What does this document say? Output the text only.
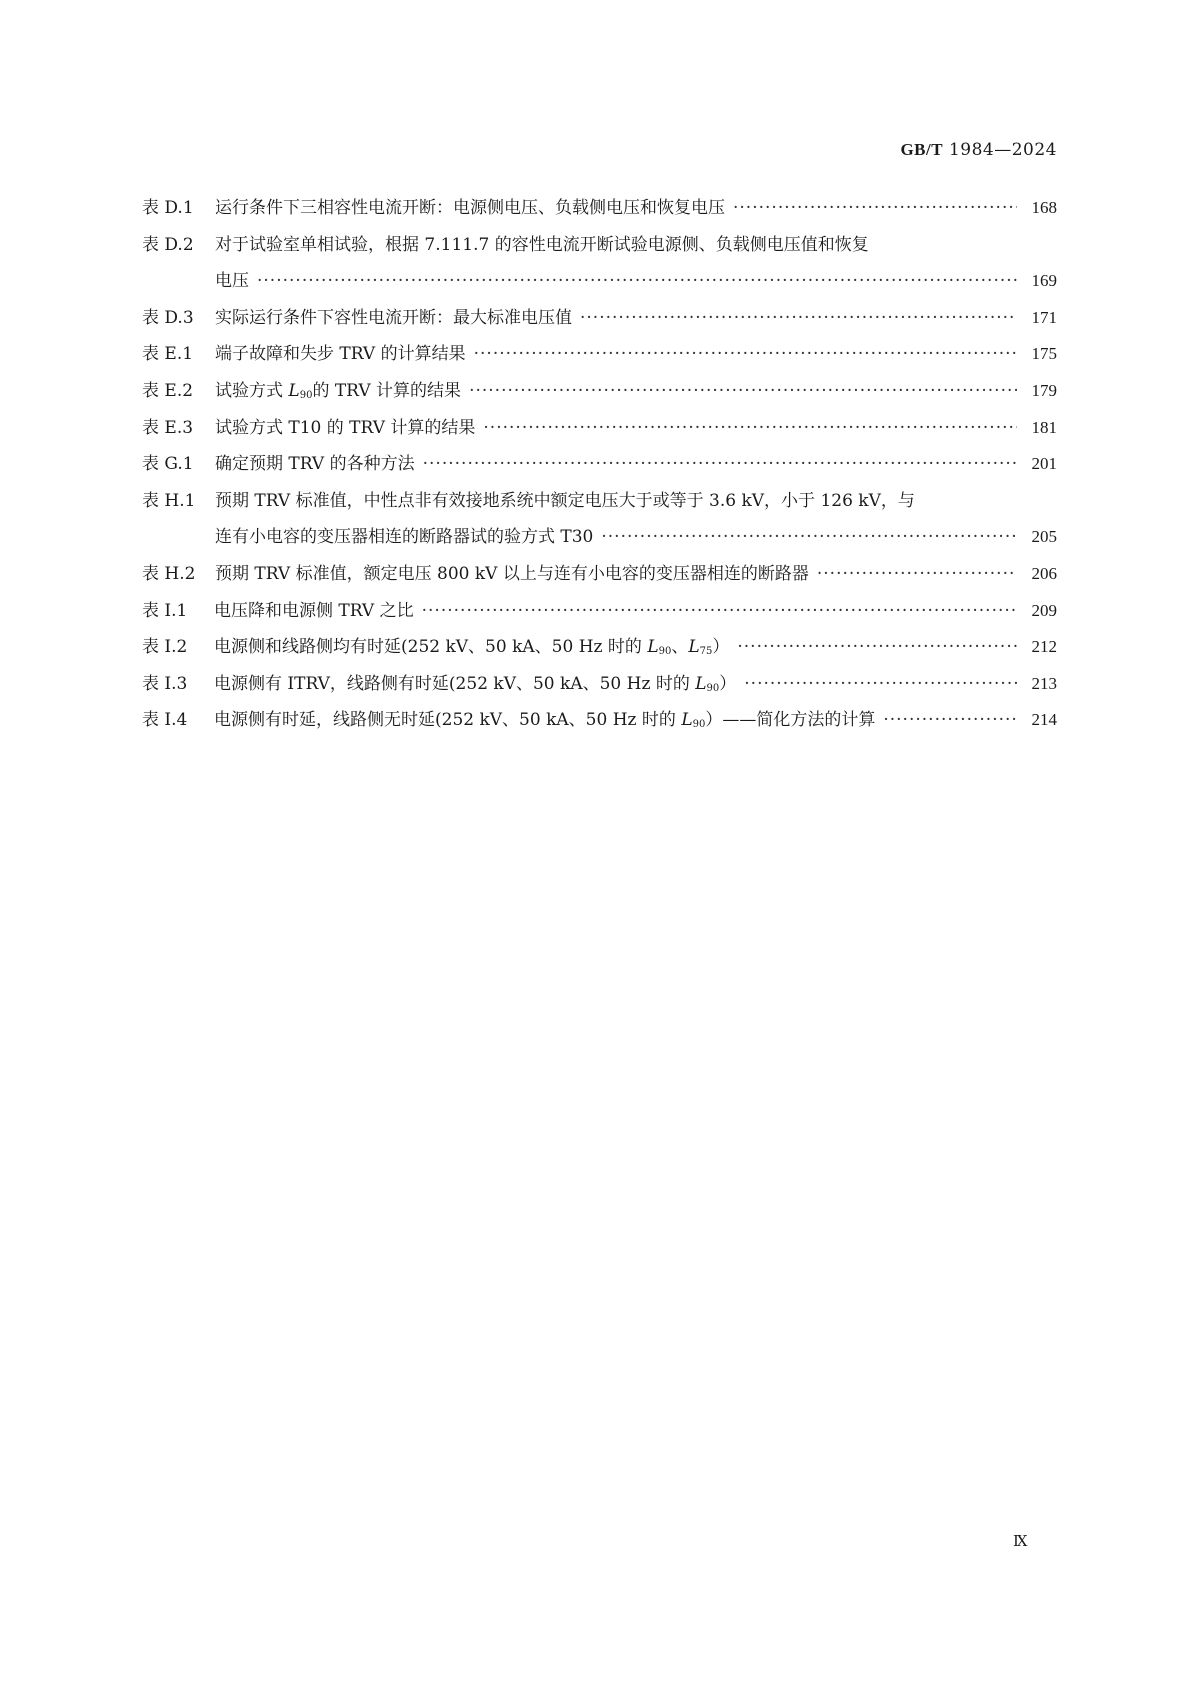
GB/T 1984—2024
表 D.1	运行条件下三相容性电流开断：电源侧电压、负载侧电压和恢复电压 ·····	168
表 D.2	对于试验室单相试验，根据 7.111.7 的容性电流开断试验电源侧、负载侧电压值和恢复
电压 ·····	169
表 D.3	实际运行条件下容性电流开断：最大标准电压值 ·····	171
表 E.1	端子故障和失步 TRV 的计算结果 ·····	175
表 E.2	试验方式 $L_{90}$的 TRV 计算的结果 ·····	179
表 E.3	试验方式 T10 的 TRV 计算的结果 ·····	181
表 G.1	确定预期 TRV 的各种方法 ·····	201
表 H.1	预期 TRV 标准值，中性点非有效接地系统中额定电压大于或等于 3.6 kV，小于 126 kV，与
连有小电容的变压器相连的断路器试的验方式 T30 ·····	205
表 H.2	预期 TRV 标准值，额定电压 800 kV 以上与连有小电容的变压器相连的断路器 ·····	206
表 I.1	电压降和电源侧 TRV 之比 ·····	209
表 I.2	电源侧和线路侧均有时延(252 kV、50 kA、50 Hz 时的 $L_{90}$、$L_{75}$） ·····	212
表 I.3	电源侧有 ITRV，线路侧有时延(252 kV、50 kA、50 Hz 时的 $L_{90}$） ·····	213
表 I.4	电源侧有时延，线路侧无时延(252 kV、50 kA、50 Hz 时的 $L_{90})——$简化方法的计算 ·····	214
Ⅸ
